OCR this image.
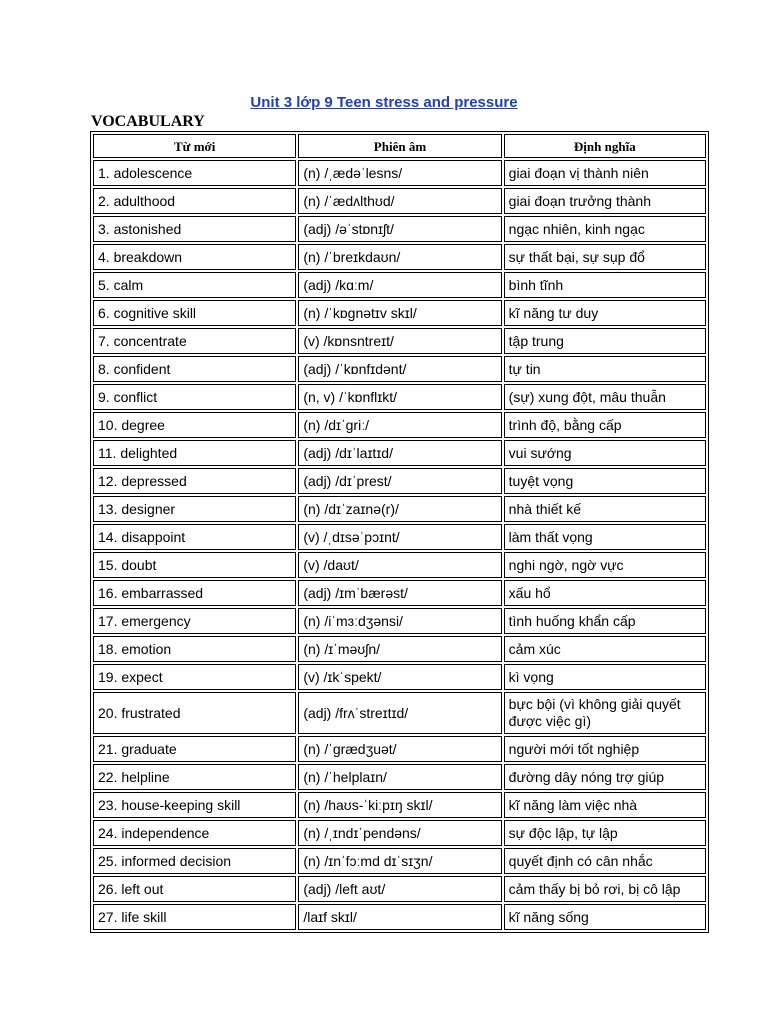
Unit 3 lớp 9 Teen stress and pressure
VOCABULARY
Từ mới	Phiên âm	Định nghĩa
1. adolescence	(n) /ˌædəˈlesns/	giai đoạn vị thành niên
2. adulthood	(n) /ˈædʌlthʊd/	giai đoạn trưởng thành
3. astonished	(adj) /əˈstɒnɪʃt/	ngạc nhiên, kinh ngạc
4. breakdown	(n) /ˈbreɪkdaʊn/	sự thất bại, sự sụp đổ
5. calm	(adj) /kɑːm/	bình tĩnh
6. cognitive skill	(n) /ˈkɒgnətɪv skɪl/	kĩ năng tư duy
7. concentrate	(v) /kɒnsntreɪt/	tập trung
8. confident	(adj) /ˈkɒnfɪdənt/	tự tin
9. conflict	(n, v) /ˈkɒnflɪkt/	(sự) xung đột, mâu thuẫn
10. degree	(n) /dɪˈgriː/	trình độ, bằng cấp
11. delighted	(adj) /dɪˈlaɪtɪd/	vui sướng
12. depressed	(adj) /dɪˈprest/	tuyệt vọng
13. designer	(n) /dɪˈzaɪnə(r)/	nhà thiết kế
14. disappoint	(v) /ˌdɪsəˈpɔɪnt/	làm thất vọng
15. doubt	(v) /daʊt/	nghi ngờ, ngờ vực
16. embarrassed	(adj) /ɪmˈbærəst/	xấu hổ
17. emergency	(n) /iˈmɜːdʒənsi/	tình huống khẩn cấp
18. emotion	(n) /ɪˈməʊʃn/	cảm xúc
19. expect	(v) /ɪkˈspekt/	kì vọng
20. frustrated	(adj) /frʌˈstreɪtɪd/	bực bội (vì không giải quyết được việc gì)
21. graduate	(n) /ˈgrædʒuət/	người mới tốt nghiệp
22. helpline	(n) /ˈhelplaɪn/	đường dây nóng trợ giúp
23. house-keeping skill	(n) /haʊs-ˈkiːpɪŋ skɪl/	kĩ năng làm việc nhà
24. independence	(n) /ˌɪndɪˈpendəns/	sự độc lập, tự lập
25. informed decision	(n) /ɪnˈfɔːmd dɪˈsɪʒn/	quyết định có cân nhắc
26. left out	(adj) /left aʊt/	cảm thấy bị bỏ rơi, bị cô lập
27. life skill	/laɪf skɪl/	kĩ năng sống
